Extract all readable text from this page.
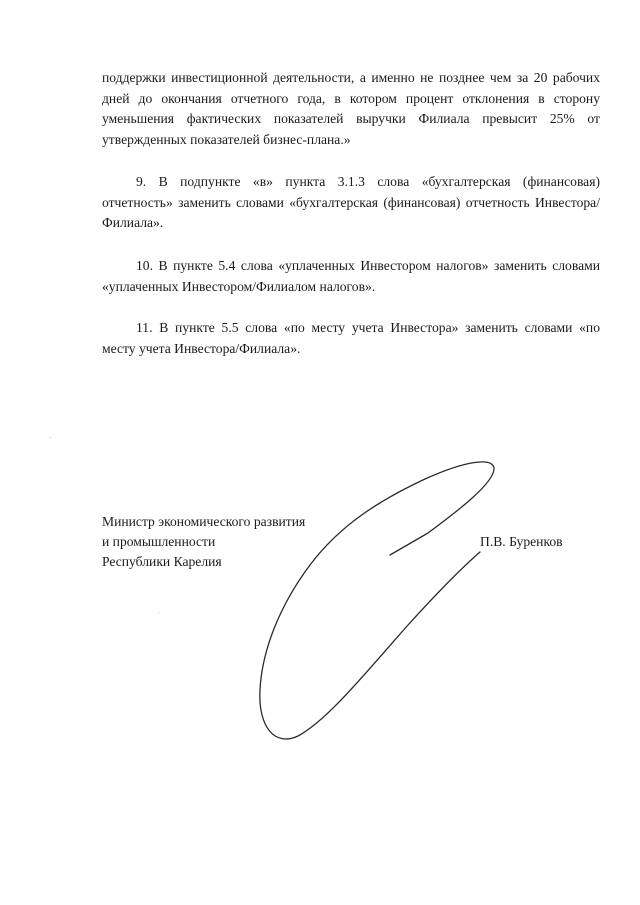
поддержки инвестиционной деятельности, а именно не позднее чем за 20 рабочих дней до окончания отчетного года, в котором процент отклонения в сторону уменьшения фактических показателей выручки Филиала превысит 25% от утвержденных показателей бизнес-плана.»

9. В подпункте «в» пункта 3.1.3 слова «бухгалтерская (финансовая) отчетность» заменить словами «бухгалтерская (финансовая) отчетность Инвестора/Филиала».

10. В пункте 5.4 слова «уплаченных Инвестором налогов» заменить словами «уплаченных Инвестором/Филиалом налогов».

11. В пункте 5.5 слова «по месту учета Инвестора» заменить словами «по месту учета Инвестора/Филиала».

Министр экономического развития
и промышленности
Республики Карелия
П.В. Буренков
